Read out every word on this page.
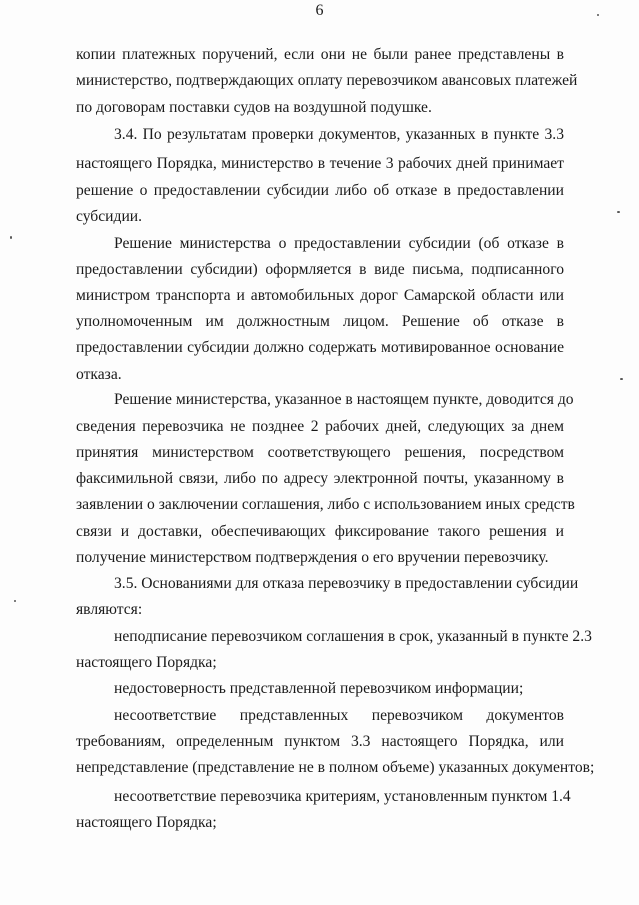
6
копии платежных поручений, если они не были ранее представлены в
министерство, подтверждающих оплату перевозчиком авансовых платежей
по договорам поставки судов на воздушной подушке.
3.4. По результатам проверки документов, указанных в пункте 3.3
настоящего Порядка, министерство в течение 3 рабочих дней принимает
решение о предоставлении субсидии либо об отказе в предоставлении
субсидии.
Решение министерства о предоставлении субсидии (об отказе в
предоставлении субсидии) оформляется в виде письма, подписанного
министром транспорта и автомобильных дорог Самарской области или
уполномоченным им должностным лицом. Решение об отказе в
предоставлении субсидии должно содержать мотивированное основание
отказа.
Решение министерства, указанное в настоящем пункте, доводится до
сведения перевозчика не позднее 2 рабочих дней, следующих за днем
принятия министерством соответствующего решения, посредством
факсимильной связи, либо по адресу электронной почты, указанному в
заявлении о заключении соглашения, либо с использованием иных средств
связи и доставки, обеспечивающих фиксирование такого решения и
получение министерством подтверждения о его вручении перевозчику.
3.5. Основаниями для отказа перевозчику в предоставлении субсидии
являются:
неподписание перевозчиком соглашения в срок, указанный в пункте 2.3
настоящего Порядка;
недостоверность представленной перевозчиком информации;
несоответствие представленных перевозчиком документов
требованиям, определенным пунктом 3.3 настоящего Порядка, или
непредставление (представление не в полном объеме) указанных документов;
несоответствие перевозчика критериям, установленным пунктом 1.4
настоящего Порядка;
